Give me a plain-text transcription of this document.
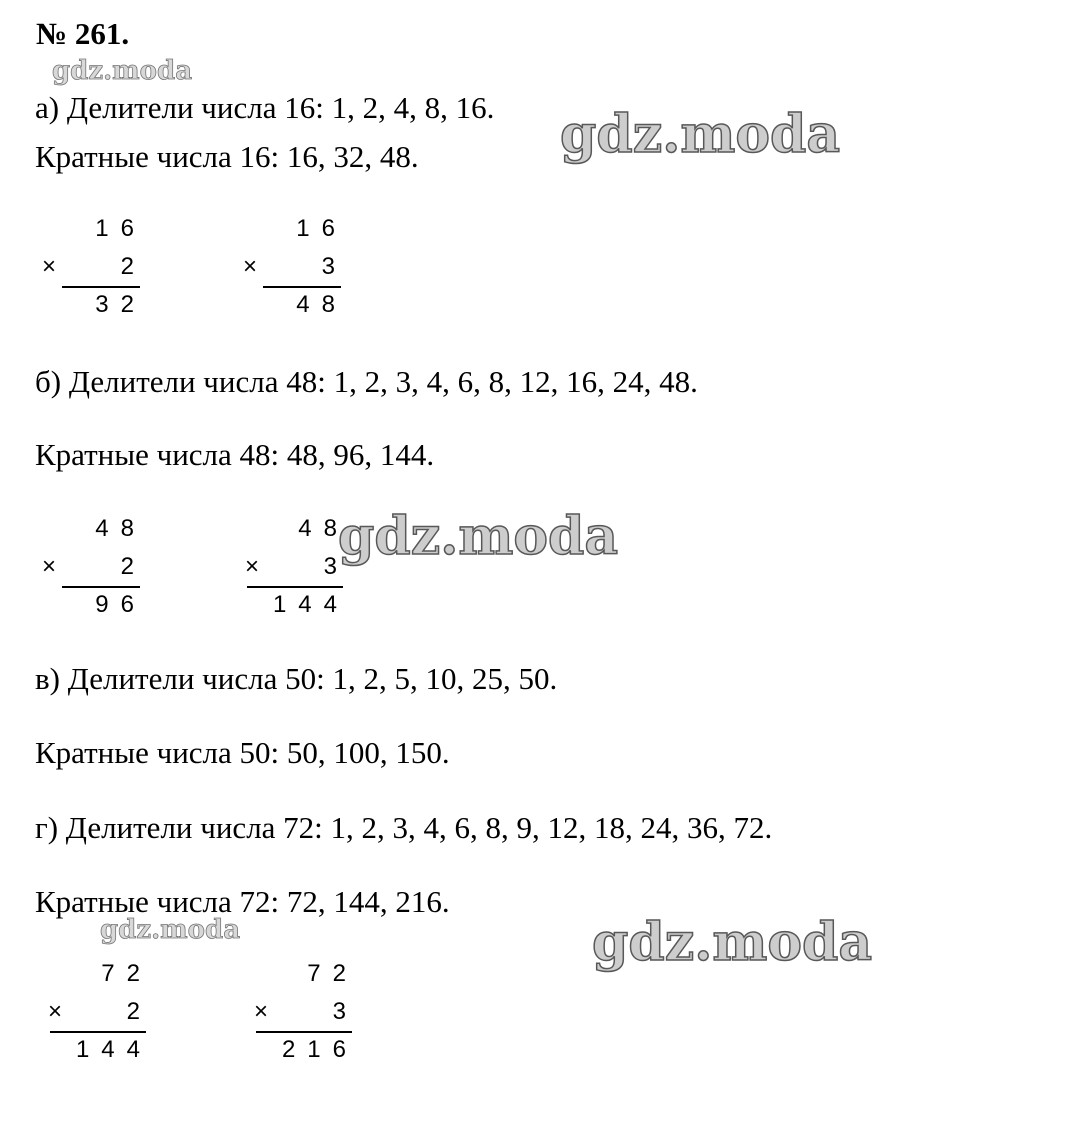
№ 261.
а) Делители числа 16: 1, 2, 4, 8, 16.
Кратные числа 16: 16, 32, 48.
16
×	2
32
16
×	3
48
б) Делители числа 48: 1, 2, 3, 4, 6, 8, 12, 16, 24, 48.
Кратные числа 48: 48, 96, 144.
48
×	2
96
48
×	3
144
в) Делители числа 50: 1, 2, 5, 10, 25, 50.
Кратные числа 50: 50, 100, 150.
г) Делители числа 72: 1, 2, 3, 4, 6, 8, 9, 12, 18, 24, 36, 72.
Кратные числа 72: 72, 144, 216.
72
×	2
144
72
×	3
216
gdz.moda
gdz.moda
gdz.moda
gdz.moda	gdz.moda
